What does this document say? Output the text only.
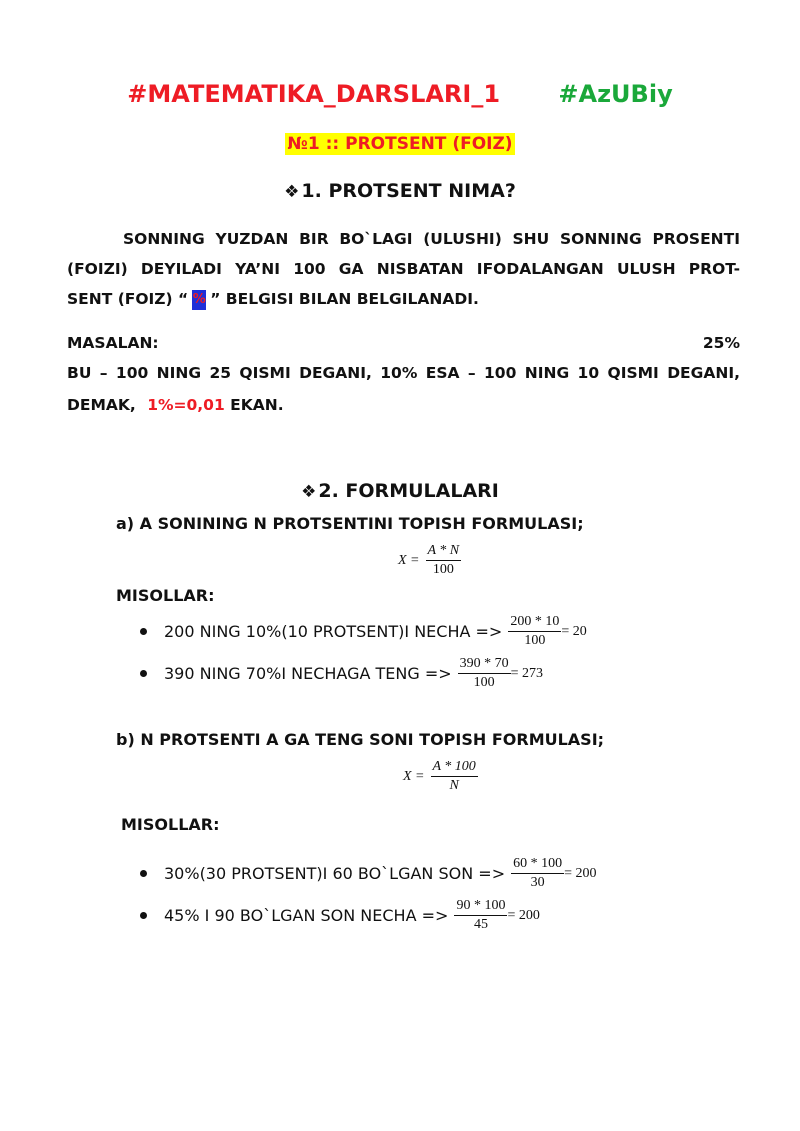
#MATEMATIKA_DARSLARI_1 #AzUBiy
№1 :: PROTSENT (FOIZ)
❖ 1. PROTSENT NIMA?
SONNING YUZDAN BIR BO`LAGI (ULUSHI) SHU SONNING PROSENTI
(FOIZI) DEYILADI YA’NI 100 GA NISBATAN IFODALANGAN ULUSH PROT-
SENT (FOIZ) “ % ” BELGISI BILAN BELGILANADI.
MASALAN:	25%
BU – 100 NING 25 QISMI DEGANI, 10% ESA – 100 NING 10 QISMI DEGANI,
DEMAK, 1%=0,01 EKAN.
❖ 2. FORMULALARI
a) A SONINING N PROTSENTINI TOPISH FORMULASI;
$X = \frac{A * N}{100}$
MISOLLAR:
200 NING 10%(10 PROTSENT)I NECHA => $\frac{200 * 10}{100} = 20$
390 NING 70%I NECHAGA TENG => $\frac{390 * 70}{100} = 273$
b) N PROTSENTI A GA TENG SONI TOPISH FORMULASI;
$X = \frac{A * 100}{N}$
MISOLLAR:
30%(30 PROTSENT)I 60 BO`LGAN SON => $\frac{60 * 100}{30} = 200$
45% I 90 BO`LGAN SON NECHA => $\frac{90 * 100}{45} = 200$
